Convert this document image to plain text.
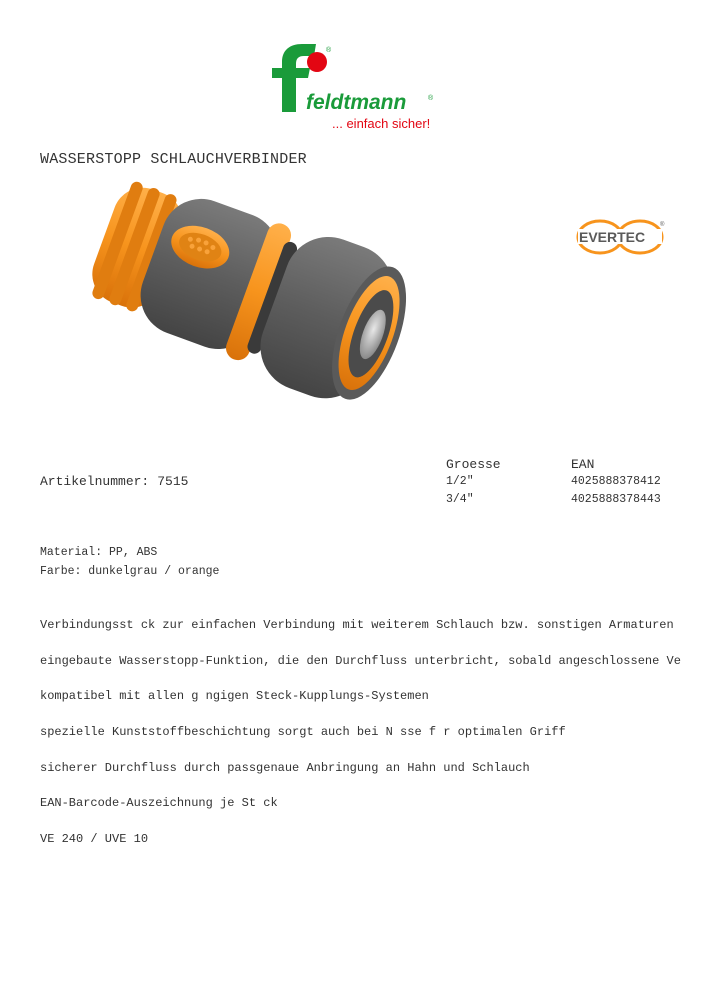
®
feldtmann	®
... einfach sicher!
WASSERSTOPP SCHLAUCHVERBINDER
EVERTEC
®
Artikelnummer: 7515
Groesse	EAN
1/2"	4025888378412
3/4"	4025888378443
Material: PP, ABS
Farbe: dunkelgrau / orange
Verbindungsst ck zur einfachen Verbindung mit weiterem Schlauch bzw. sonstigen Armaturen
eingebaute Wasserstopp-Funktion, die den Durchfluss unterbricht, sobald angeschlossene Ve
kompatibel mit allen g ngigen Steck-Kupplungs-Systemen
spezielle Kunststoffbeschichtung sorgt auch bei N sse f r optimalen Griff
sicherer Durchfluss durch passgenaue Anbringung an Hahn und Schlauch
EAN-Barcode-Auszeichnung je St ck
VE 240 / UVE 10
